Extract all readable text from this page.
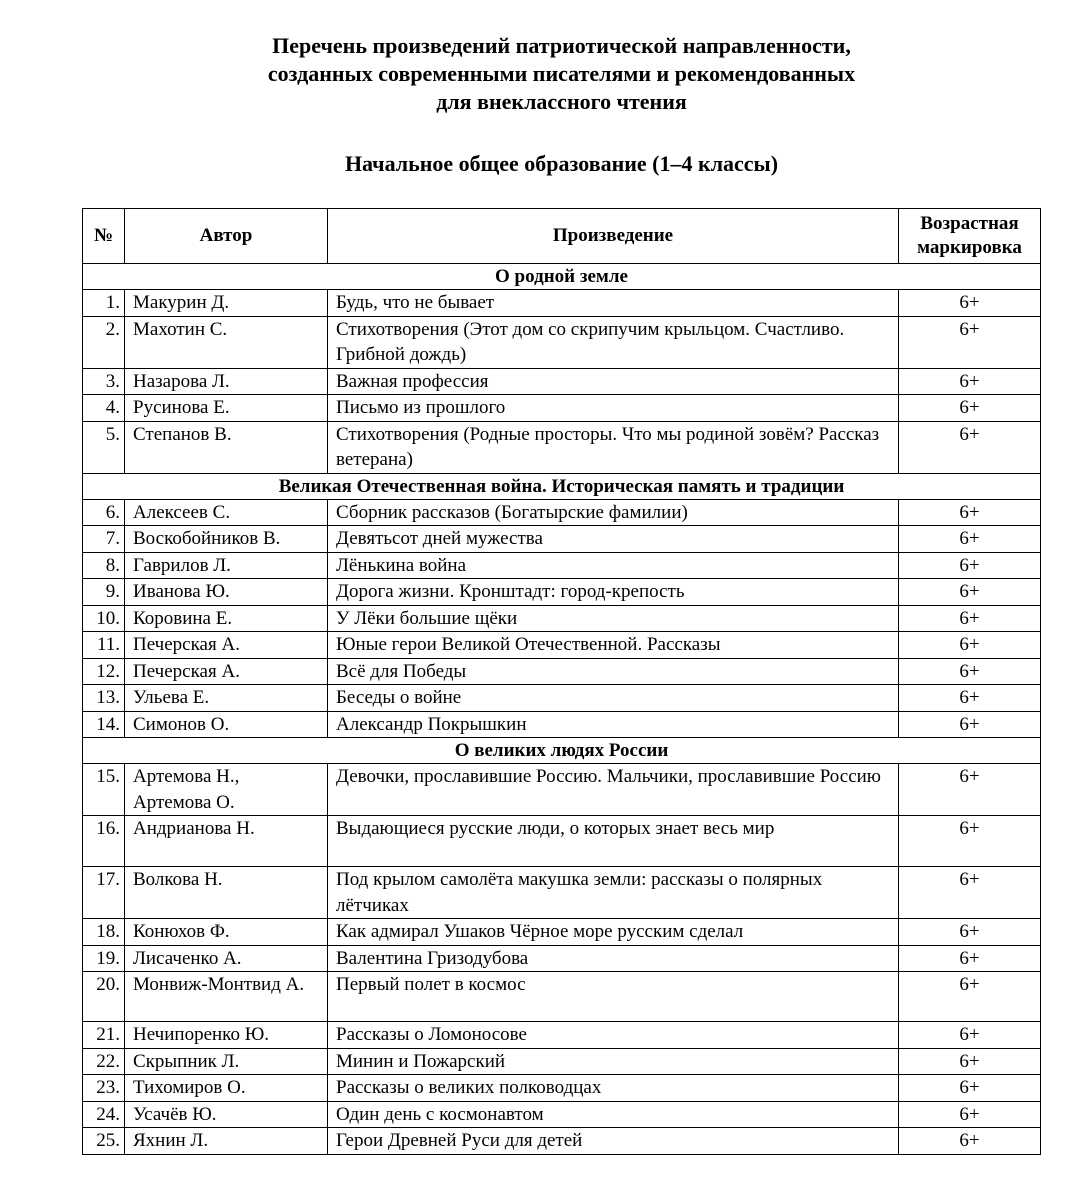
Перечень произведений патриотической направленности,
созданных современными писателями и рекомендованных
для внеклассного чтения
Начальное общее образование (1–4 классы)
№	Автор	Произведение	Возрастная маркировка
О родной земле			
1.	Макурин Д.	Будь, что не бывает	6+
2.	Махотин С.	Стихотворения (Этот дом со скрипучим крыльцом. Счастливо. Грибной дождь)	6+
3.	Назарова Л.	Важная профессия	6+
4.	Русинова Е.	Письмо из прошлого	6+
5.	Степанов В.	Стихотворения (Родные просторы. Что мы родиной зовём? Рассказ ветерана)	6+
Великая Отечественная война. Историческая память и традиции			
6.	Алексеев С.	Сборник рассказов (Богатырские фамилии)	6+
7.	Воскобойников В.	Девятьсот дней мужества	6+
8.	Гаврилов Л.	Лёнькина война	6+
9.	Иванова Ю.	Дорога жизни. Кронштадт: город-крепость	6+
10.	Коровина Е.	У Лёки большие щёки	6+
11.	Печерская А.	Юные герои Великой Отечественной. Рассказы	6+
12.	Печерская А.	Всё для Победы	6+
13.	Ульева Е.	Беседы о войне	6+
14.	Симонов О.	Александр Покрышкин	6+
О великих людях России			
15.	Артемова Н., Артемова О.	Девочки, прославившие Россию. Мальчики, прославившие Россию	6+
16.	Андрианова Н.	Выдающиеся русские люди, о которых знает весь мир	6+
17.	Волкова Н.	Под крылом самолёта макушка земли: рассказы о полярных лётчиках	6+
18.	Конюхов Ф.	Как адмирал Ушаков Чёрное море русским сделал	6+
19.	Лисаченко А.	Валентина Гризодубова	6+
20.	Монвиж-Монтвид А.	Первый полет в космос	6+
21.	Нечипоренко Ю.	Рассказы о Ломоносове	6+
22.	Скрыпник Л.	Минин и Пожарский	6+
23.	Тихомиров О.	Рассказы о великих полководцах	6+
24.	Усачёв Ю.	Один день с космонавтом	6+
25.	Яхнин Л.	Герои Древней Руси для детей	6+
